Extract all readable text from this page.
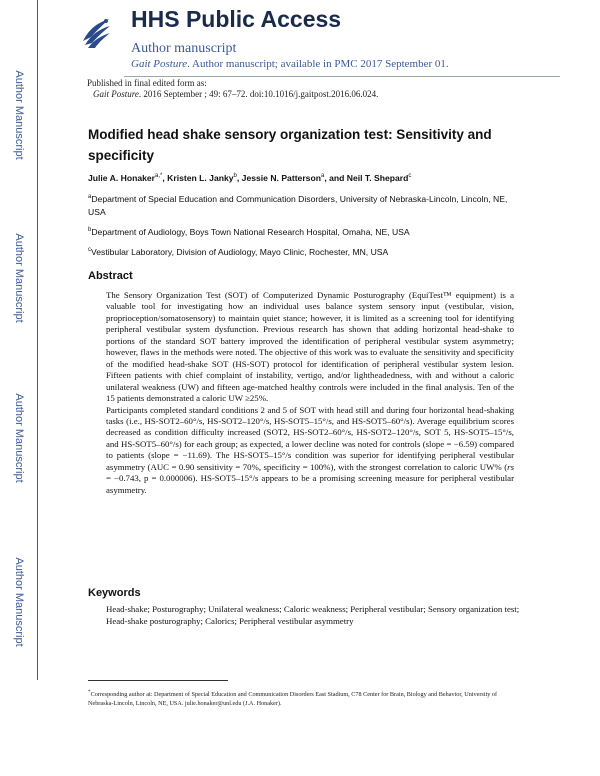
Author Manuscript
Author Manuscript
Author Manuscript
Author Manuscript
HHS Public Access
Author manuscript
Gait Posture. Author manuscript; available in PMC 2017 September 01.
Published in final edited form as:
Gait Posture. 2016 September ; 49: 67–72. doi:10.1016/j.gaitpost.2016.06.024.
Modified head shake sensory organization test: Sensitivity and specificity
Julie A. Honaker$^{a,*}$, Kristen L. Janky$^b$, Jessie N. Patterson$^a$, and Neil T. Shepard$^c$
$^a$Department of Special Education and Communication Disorders, University of Nebraska-Lincoln, Lincoln, NE, USA
$^b$Department of Audiology, Boys Town National Research Hospital, Omaha, NE, USA
$^c$Vestibular Laboratory, Division of Audiology, Mayo Clinic, Rochester, MN, USA
Abstract

The Sensory Organization Test (SOT) of Computerized Dynamic Posturography (EquiTest™ equipment) is a valuable tool for investigating how an individual uses balance system sensory input (vestibular, vision, proprioception/somatosensory) to maintain quiet stance; however, it is limited as a screening tool for identifying peripheral vestibular system dysfunction. Previous research has shown that adding horizontal head-shake to portions of the standard SOT battery improved the identification of peripheral vestibular system asymmetry; however, flaws in the methods were noted. The objective of this work was to evaluate the sensitivity and specificity of the modified head-shake SOT (HS-SOT) protocol for identification of peripheral vestibular system lesion. Fifteen patients with chief complaint of instability, vertigo, and/or lightheadedness, with and without a caloric unilateral weakness (UW) and fifteen age-matched healthy controls were included in the final analysis. Ten of the 15 patients demonstrated a caloric UW ≥25%.

Participants completed standard conditions 2 and 5 of SOT with head still and during four horizontal head-shaking tasks (i.e., HS-SOT2–60°/s, HS-SOT2–120°/s, HS-SOT5–15°/s, and HS-SOT5–60°/s). Average equilibrium scores decreased as condition difficulty increased (SOT2, HS-SOT2–60°/s, HS-SOT2–120°/s, SOT 5, HS-SOT5–15°/s, and HS-SOT5–60°/s) for each group; as expected, a lower decline was noted for controls (slope = −6.59) compared to patients (slope = −11.69). The HS-SOT5–15°/s condition was superior for identifying peripheral vestibular asymmetry (AUC = 0.90 sensitivity = 70%, specificity = 100%), with the strongest correlation to caloric UW% (rs = −0.743, p = 0.000006). HS-SOT5–15°/s appears to be a promising screening measure for peripheral vestibular asymmetry.

Keywords
Head-shake; Posturography; Unilateral weakness; Caloric weakness; Peripheral vestibular; Sensory organization test; Head-shake posturography; Calorics; Peripheral vestibular asymmetry
*Corresponding author at: Department of Special Education and Communication Disorders East Stadium, C78 Center for Brain, Biology and Behavior, University of Nebraska-Lincoln, Lincoln, NE, USA. julie.honaker@unl.edu (J.A. Honaker).
